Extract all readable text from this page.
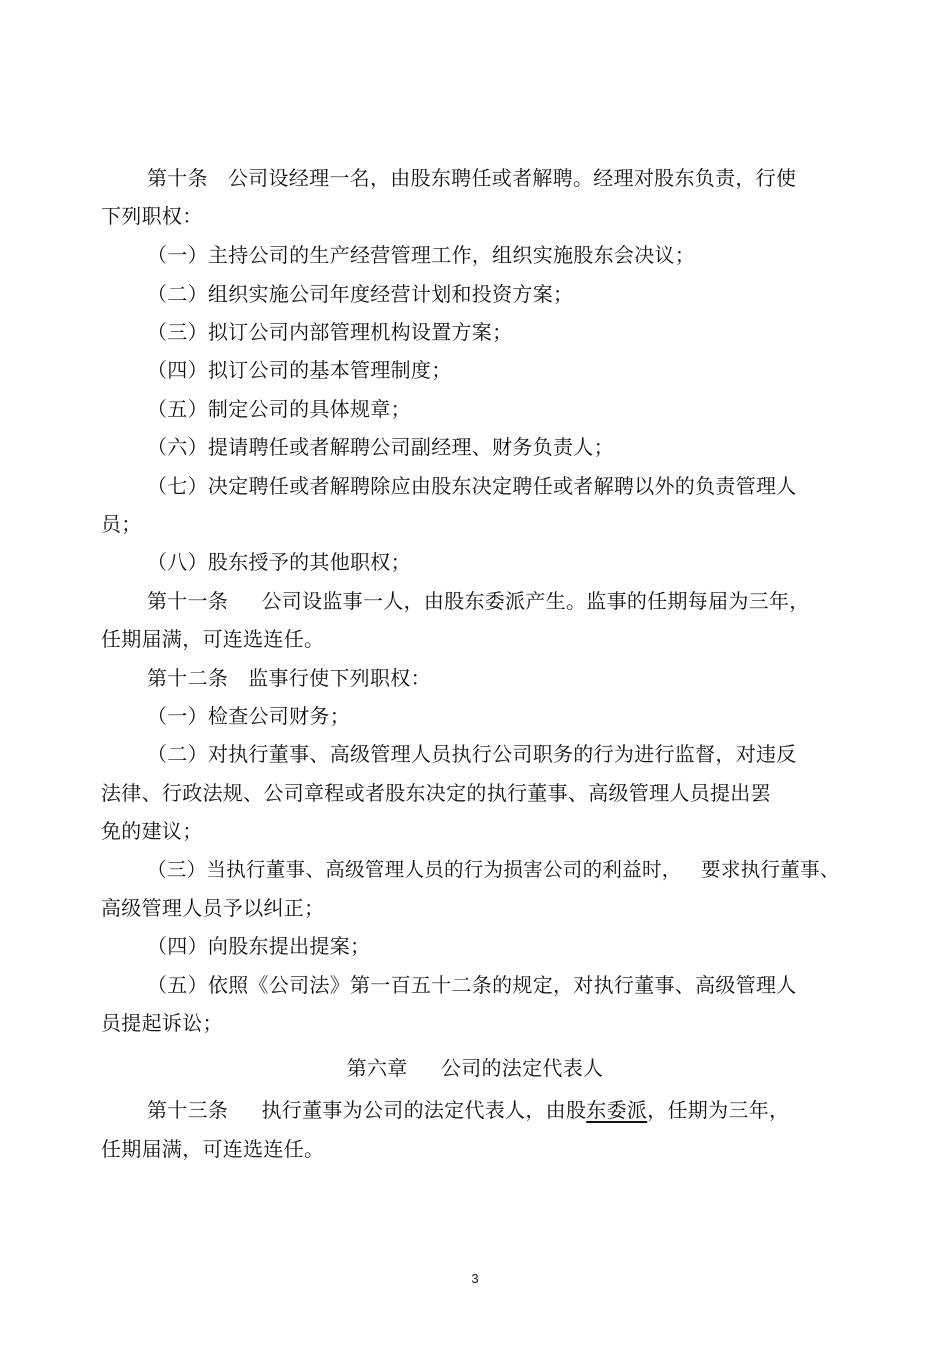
第十条   公司设经理一名，由股东聘任或者解聘。经理对股东负责，行使

下列职权：

（一）主持公司的生产经营管理工作，组织实施股东会决议；

（二）组织实施公司年度经营计划和投资方案；

（三）拟订公司内部管理机构设置方案；

（四）拟订公司的基本管理制度；

（五）制定公司的具体规章；

（六）提请聘任或者解聘公司副经理、财务负责人；

（七）决定聘任或者解聘除应由股东决定聘任或者解聘以外的负责管理人

员；

（八）股东授予的其他职权；

第十一条     公司设监事一人，由股东委派产生。监事的任期每届为三年，

任期届满，可连选连任。

第十二条   监事行使下列职权：

（一）检查公司财务；

（二）对执行董事、高级管理人员执行公司职务的行为进行监督，对违反

法律、行政法规、公司章程或者股东决定的执行董事、高级管理人员提出罢

免的建议；

（三）当执行董事、高级管理人员的行为损害公司的利益时，   要求执行董事、

高级管理人员予以纠正；

（四）向股东提出提案；

（五）依照《公司法》第一百五十二条的规定，对执行董事、高级管理人

员提起诉讼；

第六章     公司的法定代表人

第十三条     执行董事为公司的法定代表人，由股东委派，任期为三年，

任期届满，可连选连任。

3
